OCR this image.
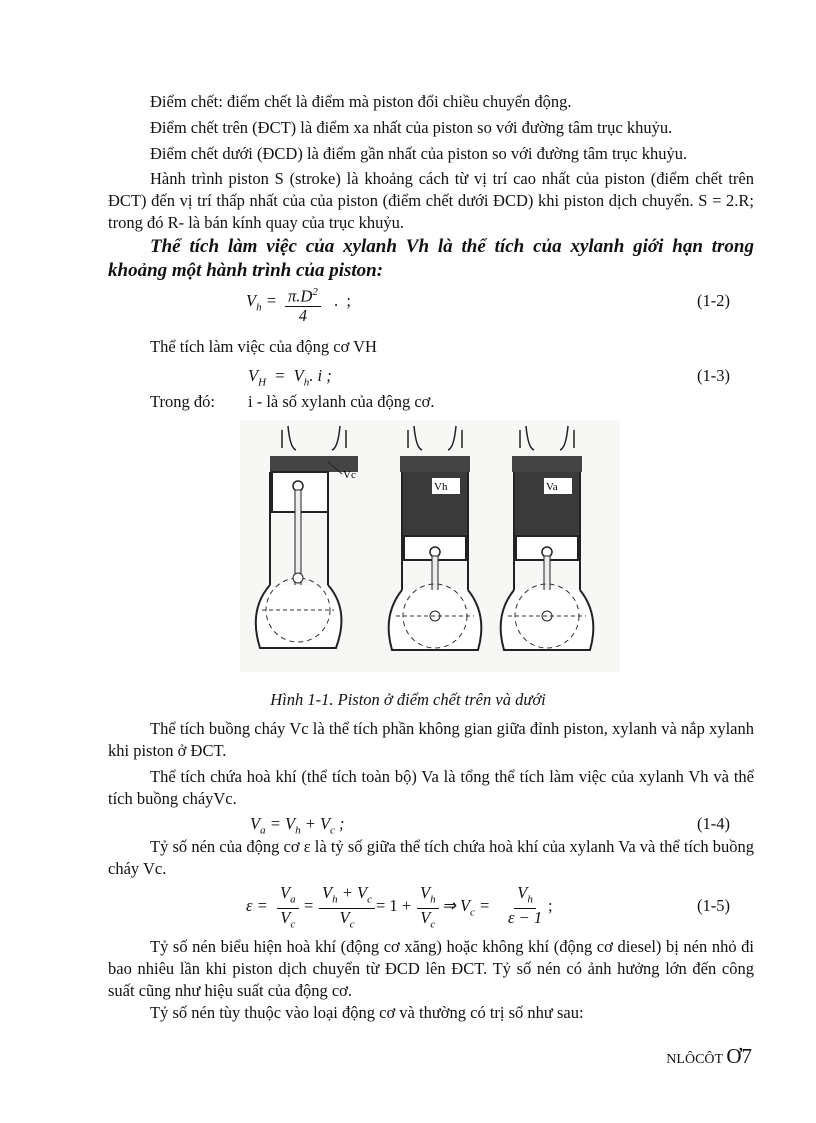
Điểm chết: điểm chết là điểm mà piston đổi chiều chuyển động.

Điểm chết trên (ĐCT) là điểm xa nhất của piston so với đường tâm trục khuỷu.

Điểm chết dưới (ĐCD) là điểm gần nhất của piston so với đường tâm trục khuỷu.

Hành trình piston S (stroke) là khoảng cách từ vị trí cao nhất của piston (điểm chết trên ĐCT) đến vị trí thấp nhất của của piston (điểm chết dưới ĐCD) khi piston dịch chuyển. S = 2.R; trong đó R- là bán kính quay của trục khuỷu.

Thể tích làm việc của xylanh Vh là thể tích của xylanh giới hạn trong khoảng một hành trình của piston:

$V_h = \frac{\pi.D^2}{4}$ .  ;	(1-2)

Thể tích làm việc của động cơ VH

$V_H = V_h$. i ;	(1-3)
Trong đó: i - là số xylanh của động cơ.
Vc
Vh	Va
Hình 1-1. Piston ở điểm chết trên và dưới

Thể tích buồng cháy Vc là thể tích phần không gian giữa đỉnh piston, xylanh và nắp xylanh khi piston ở ĐCT.

Thể tích chứa hoà khí (thể tích toàn bộ) Va là tổng thể tích làm việc của xylanh Vh và thể tích buồng cháyVc.

$V_a = V_h + V_c$ ;	(1-4)

Tỷ số nén của động cơ ε là tỷ số giữa thể tích chứa hoà khí của xylanh Va và thể tích buồng cháy Vc.

$\varepsilon = \frac{V_a}{V_c} = \frac{V_h + V_c}{V_c} = 1 + \frac{V_h}{V_c}$ ⇒ $V_c = \frac{V_h}{\varepsilon - 1}$ ;	(1-5)

Tỷ số nén biểu hiện hoà khí (động cơ xăng) hoặc không khí (động cơ diesel) bị nén nhỏ đi bao nhiêu lần khi piston dịch chuyển từ ĐCD lên ĐCT. Tỷ số nén có ảnh hưởng lớn đến công suất cũng như hiệu suất của động cơ.

Tỷ số nén tùy thuộc vào loại động cơ và thường có trị số như sau:

NLÔCÔT Ơ7
